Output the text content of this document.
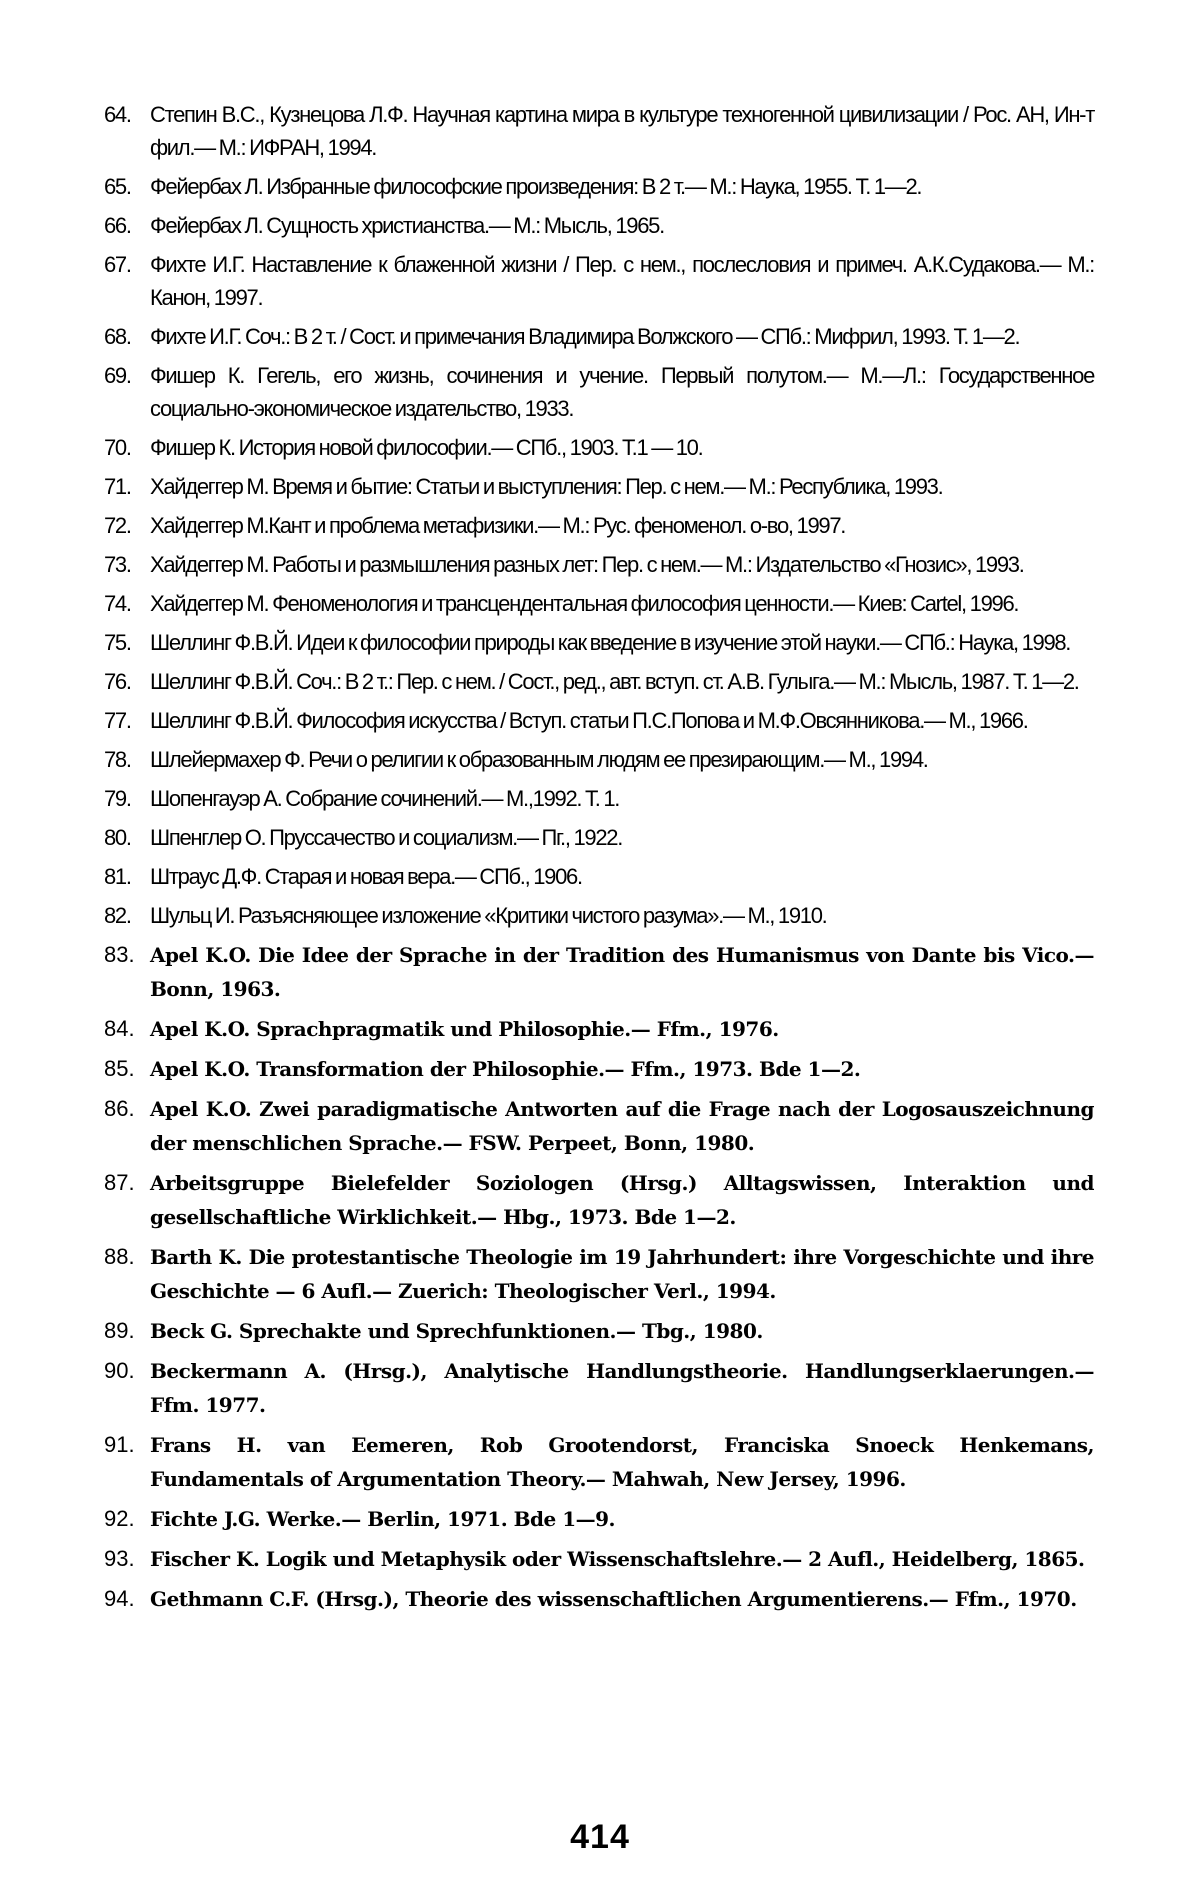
64. Степин В.С., Кузнецова Л.Ф. Научная картина мира в культуре техногенной цивилизации / Рос. АН, Ин-т фил.— М.: ИФРАН, 1994.
65. Фейербах Л. Избранные философские произведения: В 2 т.— М.: Наука, 1955. Т. 1—2.
66. Фейербах Л. Сущность христианства.— М.: Мысль, 1965.
67. Фихте И.Г. Наставление к блаженной жизни / Пер. с нем., послесловия и примеч. А.К.Судакова.— М.: Канон, 1997.
68. Фихте И.Г. Соч.: В 2 т. / Сост. и примечания Владимира Волжского — СПб.: Мифрил, 1993. Т. 1—2.
69. Фишер К. Гегель, его жизнь, сочинения и учение. Первый полутом.— М.—Л.: Государственное социально-экономическое издательство, 1933.
70. Фишер К. История новой философии.— СПб., 1903. Т.1 — 10.
71. Хайдеггер М. Время и бытие: Статьи и выступления: Пер. с нем.— М.: Республика, 1993.
72. Хайдеггер М.Кант и проблема метафизики.— М.: Рус. феноменол. о-во, 1997.
73. Хайдеггер М. Работы и размышления разных лет: Пер. с нем.— М.: Издательство «Гнозис», 1993.
74. Хайдеггер М. Феноменология и трансцендентальная философия ценности.— Киев: Cartel, 1996.
75. Шеллинг Ф.В.Й. Идеи к философии природы как введение в изучение этой науки.— СПб.: Наука, 1998.
76. Шеллинг Ф.В.Й. Соч.: В 2 т.: Пер. с нем. / Сост., ред., авт. вступ. ст. А.В. Гулыга.— М.: Мысль, 1987. Т. 1—2.
77. Шеллинг Ф.В.Й. Философия искусства / Вступ. статьи П.С.Попова и М.Ф.Овсянникова.— М., 1966.
78. Шлейермахер Ф. Речи о религии к образованным людям ее презирающим.— М., 1994.
79. Шопенгауэр А. Собрание сочинений.— М.,1992. Т. 1.
80. Шпенглер О. Пруссачество и социализм.— Пг., 1922.
81. Штраус Д.Ф. Старая и новая вера.— СПб., 1906.
82. Шульц И. Разъясняющее изложение «Критики чистого разума».— М., 1910.
83. Apel K.O. Die Idee der Sprache in der Tradition des Humanismus von Dante bis Vico.— Bonn, 1963.
84. Apel K.O. Sprachpragmatik und Philosophie.— Ffm., 1976.
85. Apel K.O. Transformation der Philosophie.— Ffm., 1973. Bde 1—2.
86. Apel K.O. Zwei paradigmatische Antworten auf die Frage nach der Logosauszeichnung der menschlichen Sprache.— FSW. Perpeet, Bonn, 1980.
87. Arbeitsgruppe Bielefelder Soziologen (Hrsg.) Alltagswissen, Interaktion und gesellschaftliche Wirklichkeit.— Hbg., 1973. Bde 1—2.
88. Barth K. Die protestantische Theologie im 19 Jahrhundert: ihre Vorgeschichte und ihre Geschichte — 6 Aufl.— Zuerich: Theologischer Verl., 1994.
89. Beck G. Sprechakte und Sprechfunktionen.— Tbg., 1980.
90. Beckermann A. (Hrsg.), Analytische Handlungstheorie. Handlungserklaerungen.— Ffm. 1977.
91. Frans H. van Eemeren, Rob Grootendorst, Franciska Snoeck Henkemans, Fundamentals of Argumentation Theory.— Mahwah, New Jersey, 1996.
92. Fichte J.G. Werke.— Berlin, 1971. Bde 1—9.
93. Fischer K. Logik und Metaphysik oder Wissenschaftslehre.— 2 Aufl., Heidelberg, 1865.
94. Gethmann C.F. (Hrsg.), Theorie des wissenschaftlichen Argumentierens.— Ffm., 1970.
414
